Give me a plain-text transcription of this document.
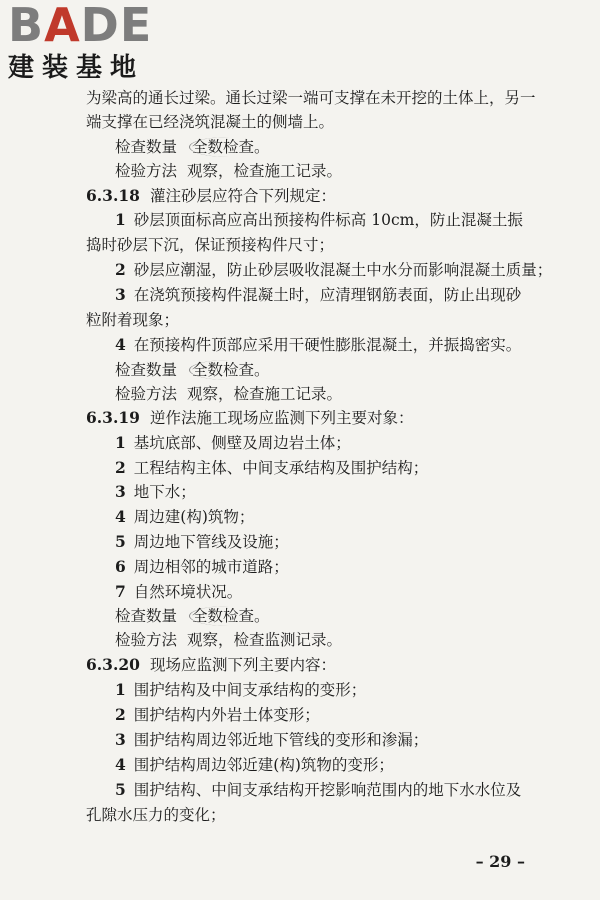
BADE
建装基地
为梁高的通长过梁。通长过梁一端可支撑在未开挖的土体上，另一
端支撑在已经浇筑混凝土的侧墙上。
检查数量 全数检查。
检验方法 观察，检查施工记录。
6.3.18 灌注砂层应符合下列规定：
1 砂层顶面标高应高出预接构件标高 10cm，防止混凝土振
捣时砂层下沉，保证预接构件尺寸；
2 砂层应潮湿，防止砂层吸收混凝土中水分而影响混凝土质量；
3 在浇筑预接构件混凝土时，应清理钢筋表面，防止出现砂
粒附着现象；
4 在预接构件顶部应采用干硬性膨胀混凝土，并振捣密实。
检查数量 全数检查。
检验方法 观察，检查施工记录。
6.3.19 逆作法施工现场应监测下列主要对象：
1 基坑底部、侧壁及周边岩土体；
2 工程结构主体、中间支承结构及围护结构；
3 地下水；
4 周边建(构)筑物；
5 周边地下管线及设施；
6 周边相邻的城市道路；
7 自然环境状况。
检查数量 全数检查。
检验方法 观察，检查监测记录。
6.3.20 现场应监测下列主要内容：
1 围护结构及中间支承结构的变形；
2 围护结构内外岩土体变形；
3 围护结构周边邻近地下管线的变形和渗漏；
4 围护结构周边邻近建(构)筑物的变形；
5 围护结构、中间支承结构开挖影响范围内的地下水水位及
孔隙水压力的变化；
– 29 –
